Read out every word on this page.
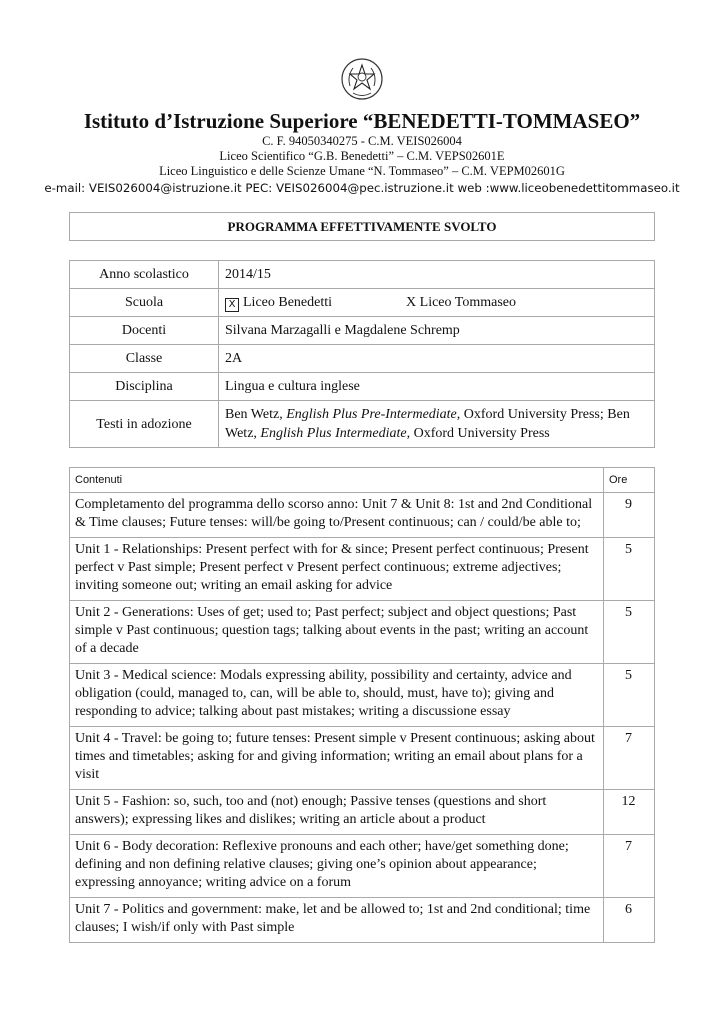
Istituto d’Istruzione Superiore “BENEDETTI-TOMMASEO”
C. F. 94050340275 - C.M. VEIS026004
Liceo Scientifico “G.B. Benedetti” – C.M. VEPS02601E
Liceo Linguistico e delle Scienze Umane “N. Tommaseo” – C.M. VEPM02601G
e-mail: VEIS026004@istruzione.it PEC: VEIS026004@pec.istruzione.it web :www.liceobenedettitommaseo.it
PROGRAMMA EFFETTIVAMENTE SVOLTO
Anno scolastico	2014/15
Scuola	X Liceo Benedetti X Liceo Tommaseo
Docenti	Silvana Marzagalli e Magdalene Schremp
Classe	2A
Disciplina	Lingua e cultura inglese
Testi in adozione	Ben Wetz, English Plus Pre-Intermediate, Oxford University Press; Ben Wetz, English Plus Intermediate, Oxford University Press
Contenuti	Ore
Completamento del programma dello scorso anno: Unit 7 & Unit 8: 1st and 2nd Conditional & Time clauses; Future tenses: will/be going to/Present continuous; can / could/be able to;	9
Unit 1 - Relationships: Present perfect with for & since; Present perfect continuous; Present perfect v Past simple; Present perfect v Present perfect continuous; extreme adjectives; inviting someone out; writing an email asking for advice	5
Unit 2 - Generations: Uses of get; used to; Past perfect; subject and object questions; Past simple v Past continuous; question tags; talking about events in the past; writing an account of a decade	5
Unit 3 - Medical science: Modals expressing ability, possibility and certainty, advice and obligation (could, managed to, can, will be able to, should, must, have to); giving and responding to advice; talking about past mistakes; writing a discussione essay	5
Unit 4 - Travel: be going to; future tenses: Present simple v Present continuous; asking about times and timetables; asking for and giving information; writing an email about plans for a visit	7
Unit 5 - Fashion: so, such, too and (not) enough; Passive tenses (questions and short answers); expressing likes and dislikes; writing an article about a product	12
Unit 6 - Body decoration: Reflexive pronouns and each other; have/get something done; defining and non defining relative clauses; giving one’s opinion about appearance; expressing annoyance; writing advice on a forum	7
Unit 7 - Politics and government: make, let and be allowed to; 1st and 2nd conditional; time clauses; I wish/if only with Past simple	6
